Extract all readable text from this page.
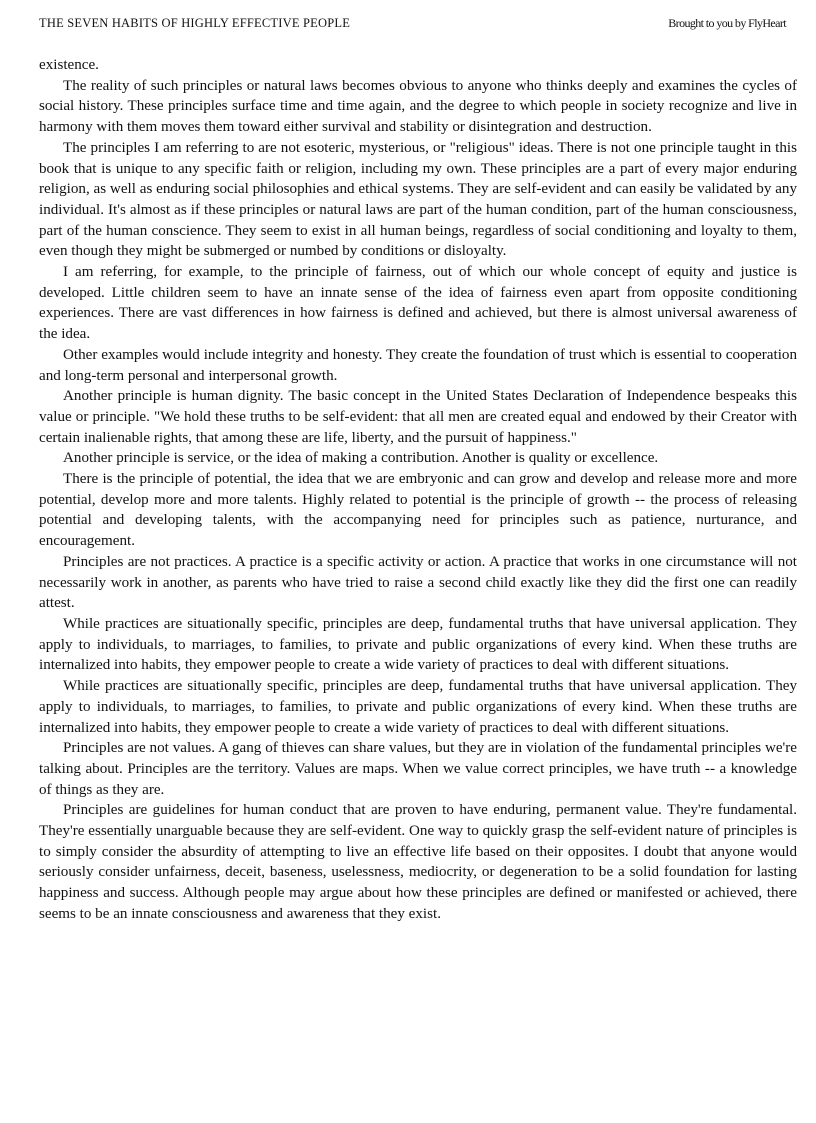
THE SEVEN HABITS OF HIGHLY EFFECTIVE PEOPLE	Brought to you by FlyHeart

existence.

The reality of such principles or natural laws becomes obvious to anyone who thinks deeply and examines the cycles of social history. These principles surface time and time again, and the degree to which people in society recognize and live in harmony with them moves them toward either survival and stability or disintegration and destruction.

The principles I am referring to are not esoteric, mysterious, or "religious" ideas. There is not one principle taught in this book that is unique to any specific faith or religion, including my own. These principles are a part of every major enduring religion, as well as enduring social philosophies and ethical systems. They are self-evident and can easily be validated by any individual. It's almost as if these principles or natural laws are part of the human condition, part of the human consciousness, part of the human conscience. They seem to exist in all human beings, regardless of social conditioning and loyalty to them, even though they might be submerged or numbed by conditions or disloyalty.

I am referring, for example, to the principle of fairness, out of which our whole concept of equity and justice is developed. Little children seem to have an innate sense of the idea of fairness even apart from opposite conditioning experiences. There are vast differences in how fairness is defined and achieved, but there is almost universal awareness of the idea.

Other examples would include integrity and honesty. They create the foundation of trust which is essential to cooperation and long-term personal and interpersonal growth.

Another principle is human dignity. The basic concept in the United States Declaration of Independence bespeaks this value or principle. "We hold these truths to be self-evident: that all men are created equal and endowed by their Creator with certain inalienable rights, that among these are life, liberty, and the pursuit of happiness."

Another principle is service, or the idea of making a contribution. Another is quality or excellence.

There is the principle of potential, the idea that we are embryonic and can grow and develop and release more and more potential, develop more and more talents. Highly related to potential is the principle of growth -- the process of releasing potential and developing talents, with the accompanying need for principles such as patience, nurturance, and encouragement.

Principles are not practices. A practice is a specific activity or action. A practice that works in one circumstance will not necessarily work in another, as parents who have tried to raise a second child exactly like they did the first one can readily attest.

While practices are situationally specific, principles are deep, fundamental truths that have universal application. They apply to individuals, to marriages, to families, to private and public organizations of every kind. When these truths are internalized into habits, they empower people to create a wide variety of practices to deal with different situations.

While practices are situationally specific, principles are deep, fundamental truths that have universal application. They apply to individuals, to marriages, to families, to private and public organizations of every kind. When these truths are internalized into habits, they empower people to create a wide variety of practices to deal with different situations.

Principles are not values. A gang of thieves can share values, but they are in violation of the fundamental principles we're talking about. Principles are the territory. Values are maps. When we value correct principles, we have truth -- a knowledge of things as they are.

Principles are guidelines for human conduct that are proven to have enduring, permanent value. They're fundamental. They're essentially unarguable because they are self-evident. One way to quickly grasp the self-evident nature of principles is to simply consider the absurdity of attempting to live an effective life based on their opposites. I doubt that anyone would seriously consider unfairness, deceit, baseness, uselessness, mediocrity, or degeneration to be a solid foundation for lasting happiness and success. Although people may argue about how these principles are defined or manifested or achieved, there seems to be an innate consciousness and awareness that they exist.
